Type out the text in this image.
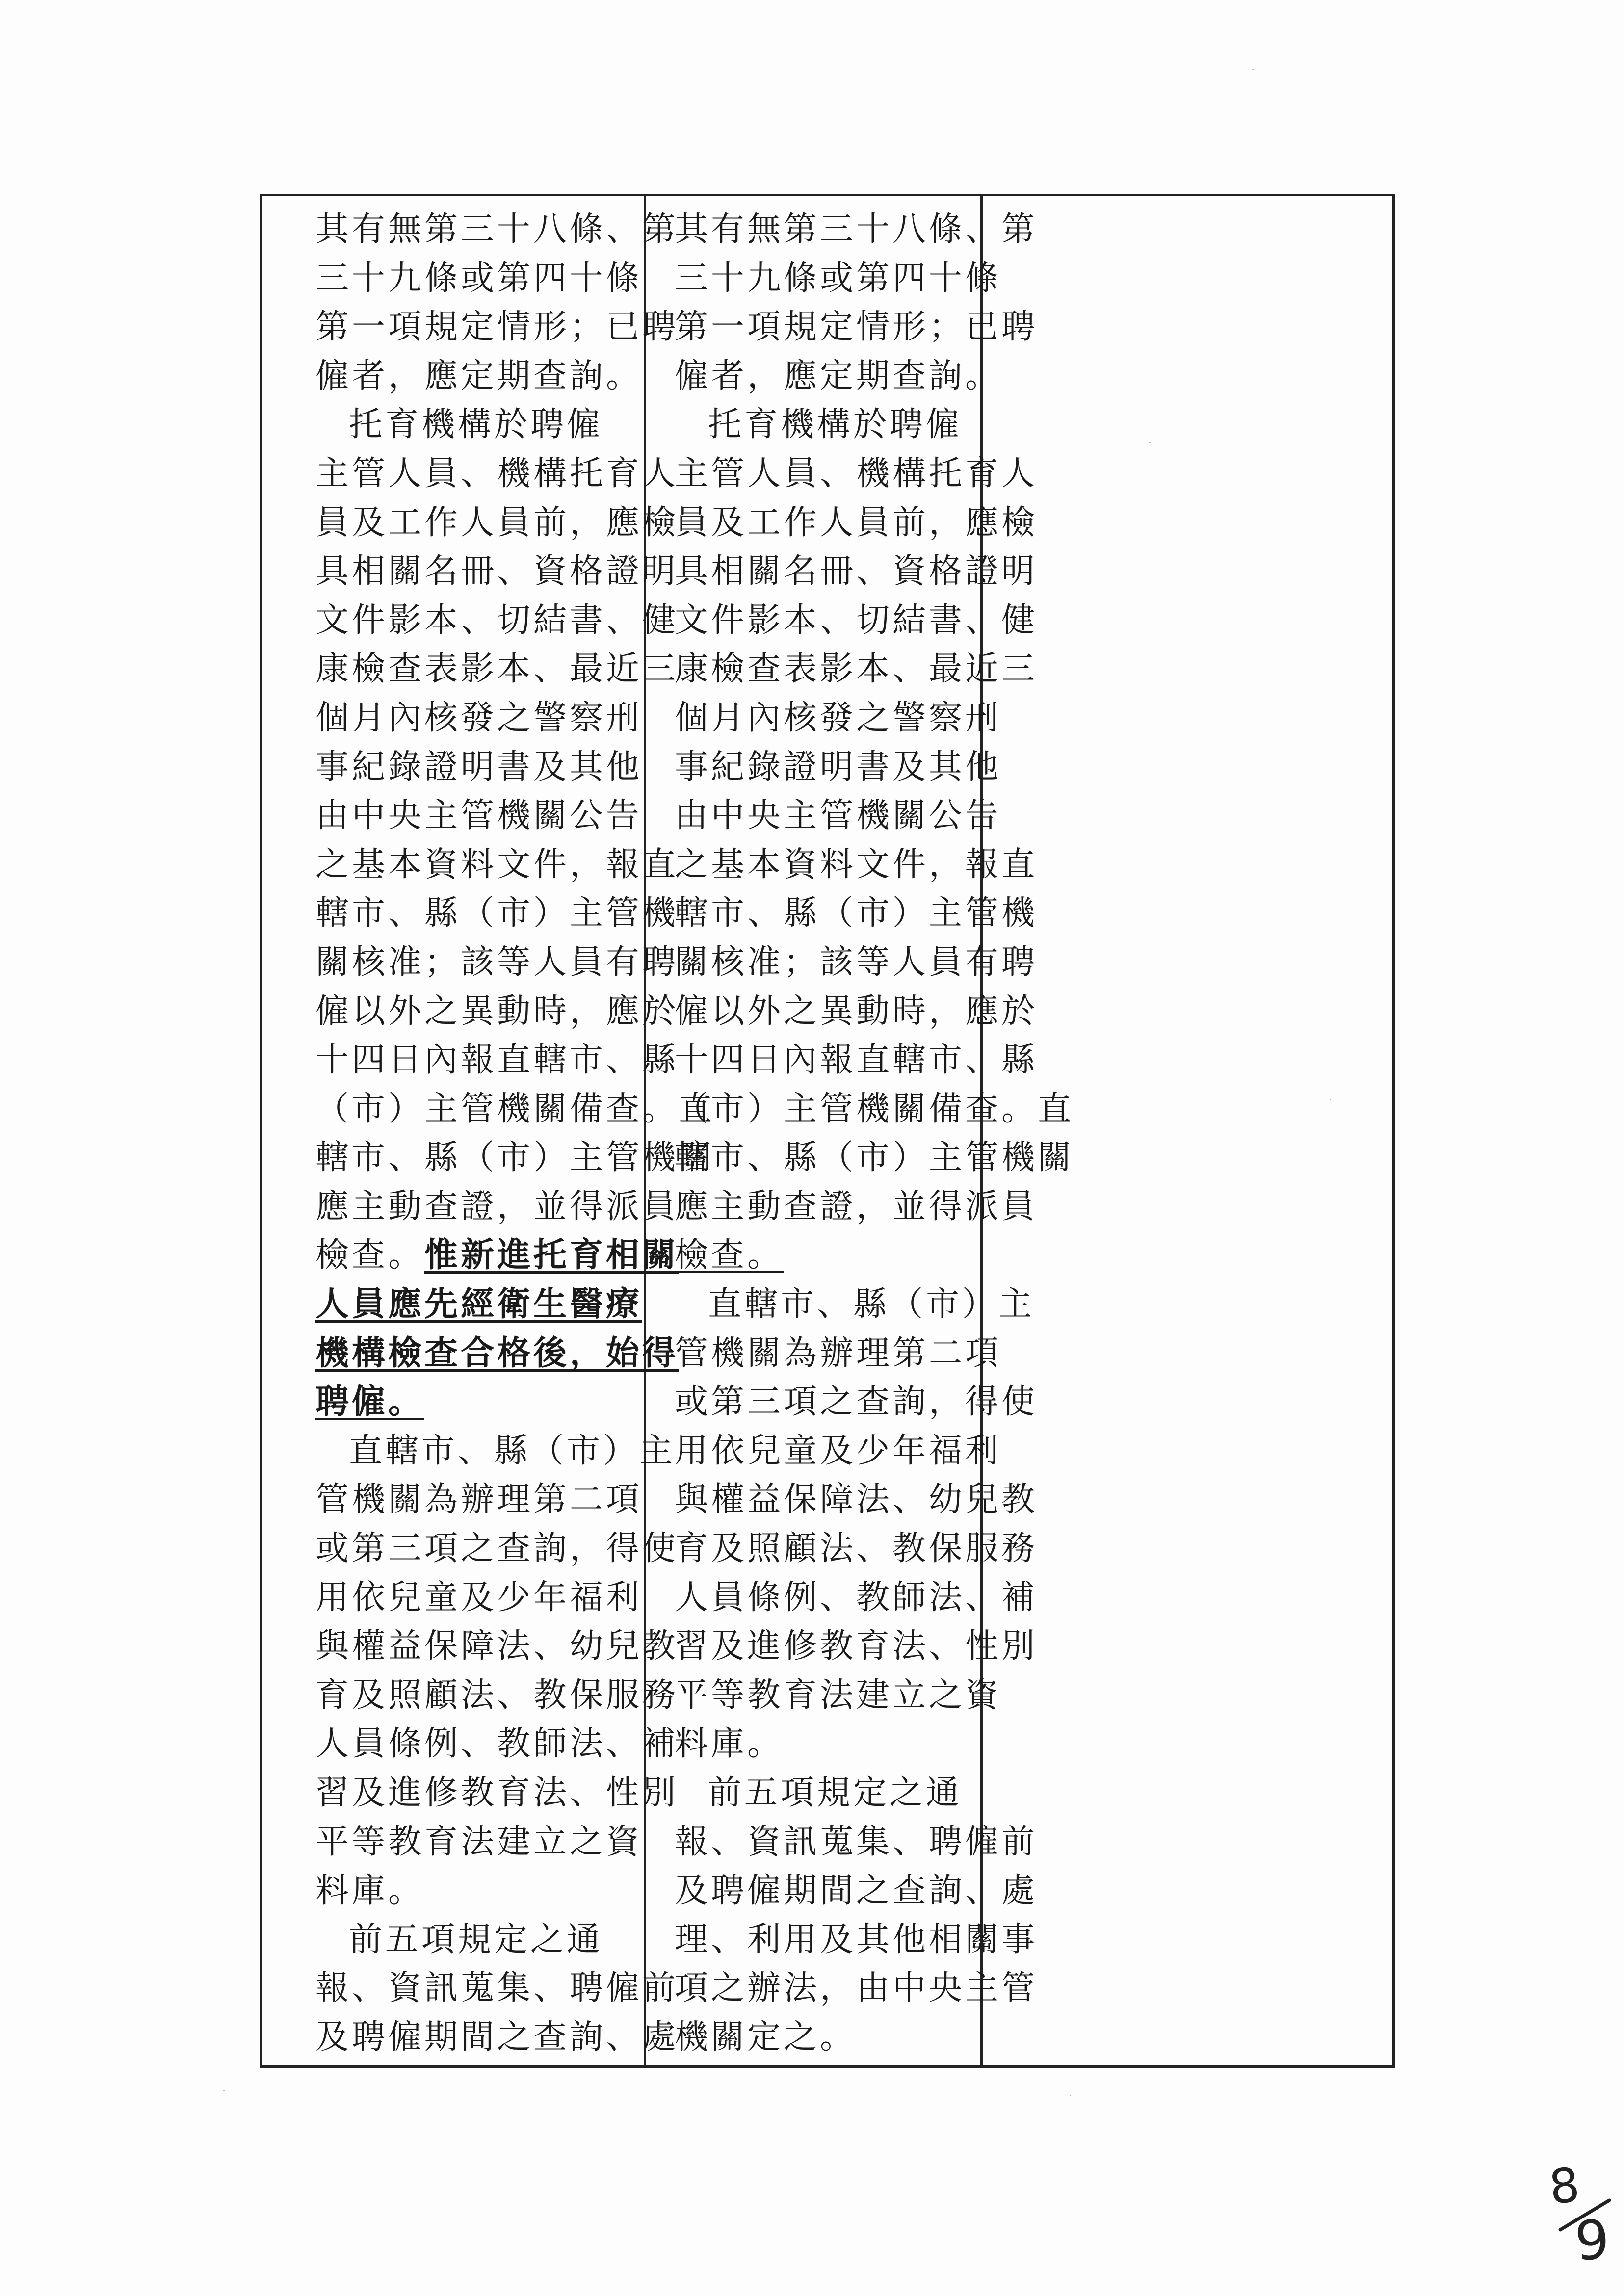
其有無第三十八條、第
三十九條或第四十條
第一項規定情形；已聘
僱者，應定期查詢。
托育機構於聘僱
主管人員、機構托育人
員及工作人員前，應檢
具相關名冊、資格證明
文件影本、切結書、健
康檢查表影本、最近三
個月內核發之警察刑
事紀錄證明書及其他
由中央主管機關公告
之基本資料文件，報直
轄市、縣（市）主管機
關核准；該等人員有聘
僱以外之異動時，應於
十四日內報直轄市、縣
（市）主管機關備查。直
轄市、縣（市）主管機關
應主動查證，並得派員
檢查。惟新進托育相關
人員應先經衛生醫療
機構檢查合格後，始得
聘僱。
直轄市、縣（市）主
管機關為辦理第二項
或第三項之查詢，得使
用依兒童及少年福利
與權益保障法、幼兒教
育及照顧法、教保服務
人員條例、教師法、補
習及進修教育法、性別
平等教育法建立之資
料庫。
前五項規定之通
報、資訊蒐集、聘僱前
及聘僱期間之查詢、處
其有無第三十八條、第
三十九條或第四十條
第一項規定情形；已聘
僱者，應定期查詢。
托育機構於聘僱
主管人員、機構托育人
員及工作人員前，應檢
具相關名冊、資格證明
文件影本、切結書、健
康檢查表影本、最近三
個月內核發之警察刑
事紀錄證明書及其他
由中央主管機關公告
之基本資料文件，報直
轄市、縣（市）主管機
關核准；該等人員有聘
僱以外之異動時，應於
十四日內報直轄市、縣
（市）主管機關備查。直
轄市、縣（市）主管機關
應主動查證，並得派員
檢查。
直轄市、縣（市）主
管機關為辦理第二項
或第三項之查詢，得使
用依兒童及少年福利
與權益保障法、幼兒教
育及照顧法、教保服務
人員條例、教師法、補
習及進修教育法、性別
平等教育法建立之資
料庫。
前五項規定之通
報、資訊蒐集、聘僱前
及聘僱期間之查詢、處
理、利用及其他相關事
項之辦法，由中央主管
機關定之。
8
9
